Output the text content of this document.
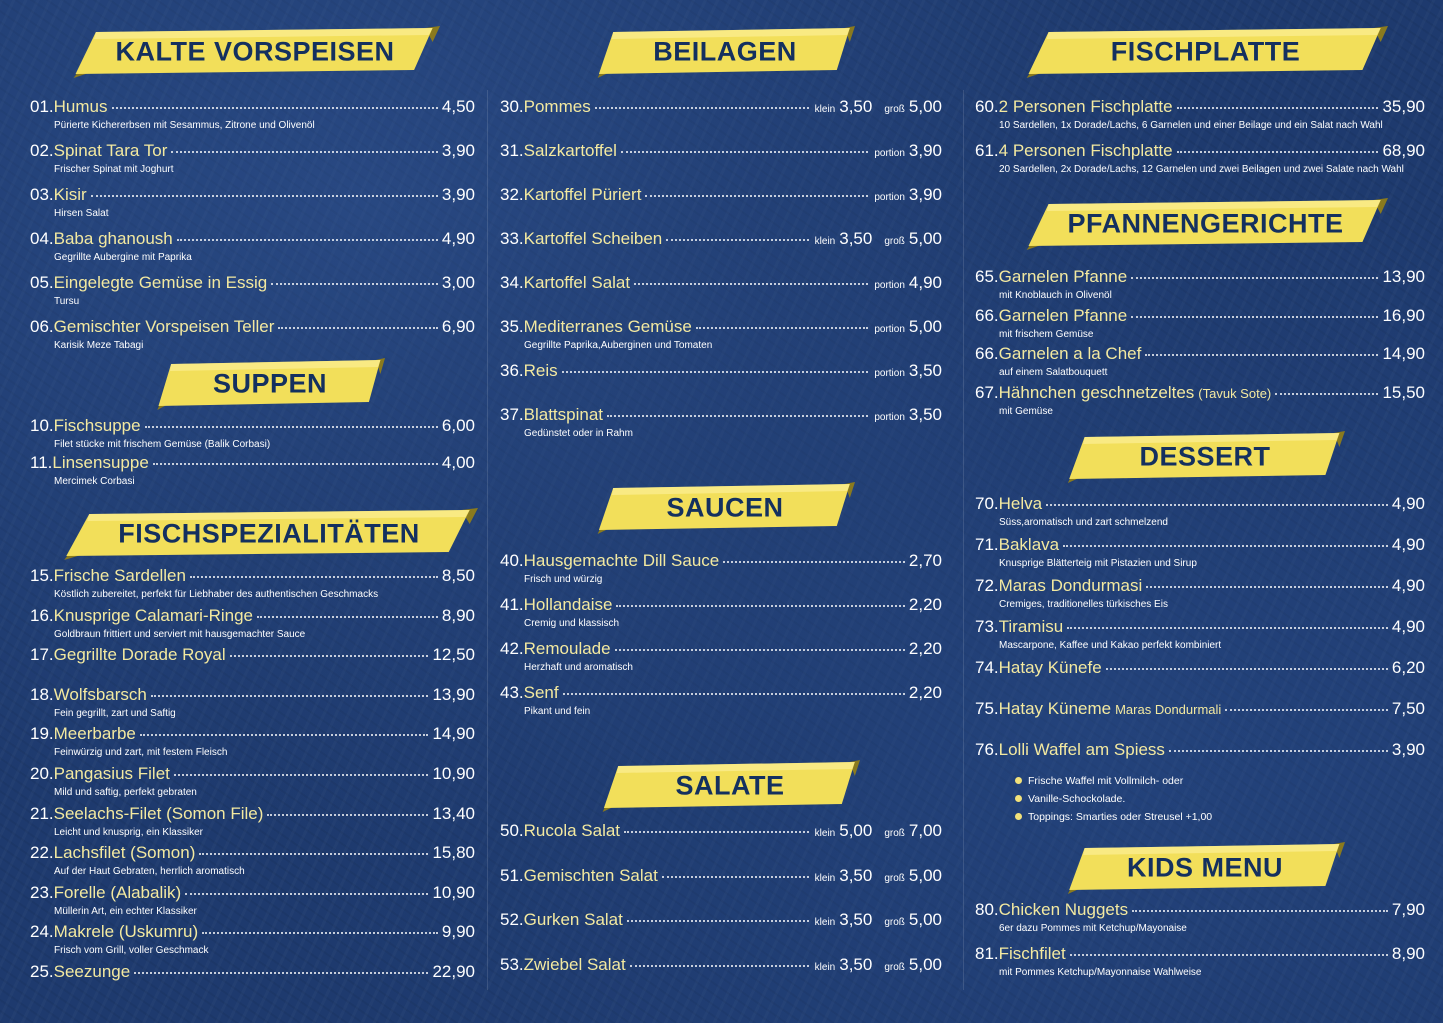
KALTE VORSPEISEN
SUPPEN
FISCHSPEZIALITÄTEN
01. Humus	4,50
Pürierte Kichererbsen mit Sesammus, Zitrone und Olivenöl
02. Spinat Tara Tor	3,90
Frischer Spinat mit Joghurt
03. Kisir	3,90
Hirsen Salat
04. Baba ghanoush	4,90
Gegrillte Aubergine mit Paprika
05. Eingelegte Gemüse in Essig	3,00
Tursu
06. Gemischter Vorspeisen Teller	6,90
Karisik Meze Tabagi
10. Fischsuppe	6,00
Filet stücke mit frischem Gemüse (Balik Corbasi)
11. Linsensuppe	4,00
Mercimek Corbasi
15. Frische Sardellen	8,50
Köstlich zubereitet, perfekt für Liebhaber des authentischen Geschmacks
16. Knusprige Calamari-Ringe	8,90
Goldbraun frittiert und serviert mit hausgemachter Sauce
17. Gegrillte Dorade Royal	12,50
18. Wolfsbarsch	13,90
Fein gegrillt, zart und Saftig
19. Meerbarbe	14,90
Feinwürzig und zart, mit festem Fleisch
20. Pangasius Filet	10,90
Mild und saftig, perfekt gebraten
21. Seelachs-Filet (Somon File)	13,40
Leicht und knusprig, ein Klassiker
22. Lachsfilet (Somon)	15,80
Auf der Haut Gebraten, herrlich aromatisch
23. Forelle (Alabalik)	10,90
Müllerin Art, ein echter Klassiker
24. Makrele (Uskumru)	9,90
Frisch vom Grill, voller Geschmack
25. Seezunge	22,90
BEILAGEN
SAUCEN
SALATE
30. Pommes	klein 3,50 groß 5,00
31. Salzkartoffel	portion 3,90
32. Kartoffel Püriert	portion 3,90
33. Kartoffel Scheiben	klein 3,50 groß 5,00
34. Kartoffel Salat	portion 4,90
35. Mediterranes Gemüse	portion 5,00
Gegrillte Paprika,Auberginen und Tomaten
36. Reis	portion 3,50
37. Blattspinat	portion 3,50
Gedünstet oder in Rahm
40. Hausgemachte Dill Sauce	2,70
Frisch und würzig
41. Hollandaise	2,20
Cremig und klassisch
42. Remoulade	2,20
Herzhaft und aromatisch
43. Senf	2,20
Pikant und fein
50. Rucola Salat	klein 5,00 groß 7,00
51. Gemischten Salat	klein 3,50 groß 5,00
52. Gurken Salat	klein 3,50 groß 5,00
53. Zwiebel Salat	klein 3,50 groß 5,00
FISCHPLATTE
PFANNENGERICHTE
DESSERT
Frische Waffel mit Vollmilch- oder
Vanille-Schockolade.
Toppings: Smarties oder Streusel +1,00
KIDS MENU
60. 2 Personen Fischplatte	35,90
10 Sardellen, 1x Dorade/Lachs, 6 Garnelen und einer Beilage und ein Salat nach Wahl
61. 4 Personen Fischplatte	68,90
20 Sardellen, 2x Dorade/Lachs, 12 Garnelen und zwei Beilagen und zwei Salate nach Wahl
65. Garnelen Pfanne	13,90
mit Knoblauch in Olivenöl
66. Garnelen Pfanne	16,90
mit frischem Gemüse
66. Garnelen a la Chef	14,90
auf einem Salatbouquett
67. Hähnchen geschnetzeltes (Tavuk Sote)	15,50
mit Gemüse
70. Helva	4,90
Süss,aromatisch und zart schmelzend
71. Baklava	4,90
Knusprige Blätterteig mit Pistazien und Sirup
72. Maras Dondurmasi	4,90
Cremiges, traditionelles türkisches Eis
73. Tiramisu	4,90
Mascarpone, Kaffee und Kakao perfekt kombiniert
74. Hatay Künefe	6,20
75. Hatay Küneme Maras Dondurmali	7,50
76. Lolli Waffel am Spiess	3,90
80. Chicken Nuggets	7,90
6er dazu Pommes mit Ketchup/Mayonaise
81. Fischfilet	8,90
mit Pommes Ketchup/Mayonnaise Wahlweise
